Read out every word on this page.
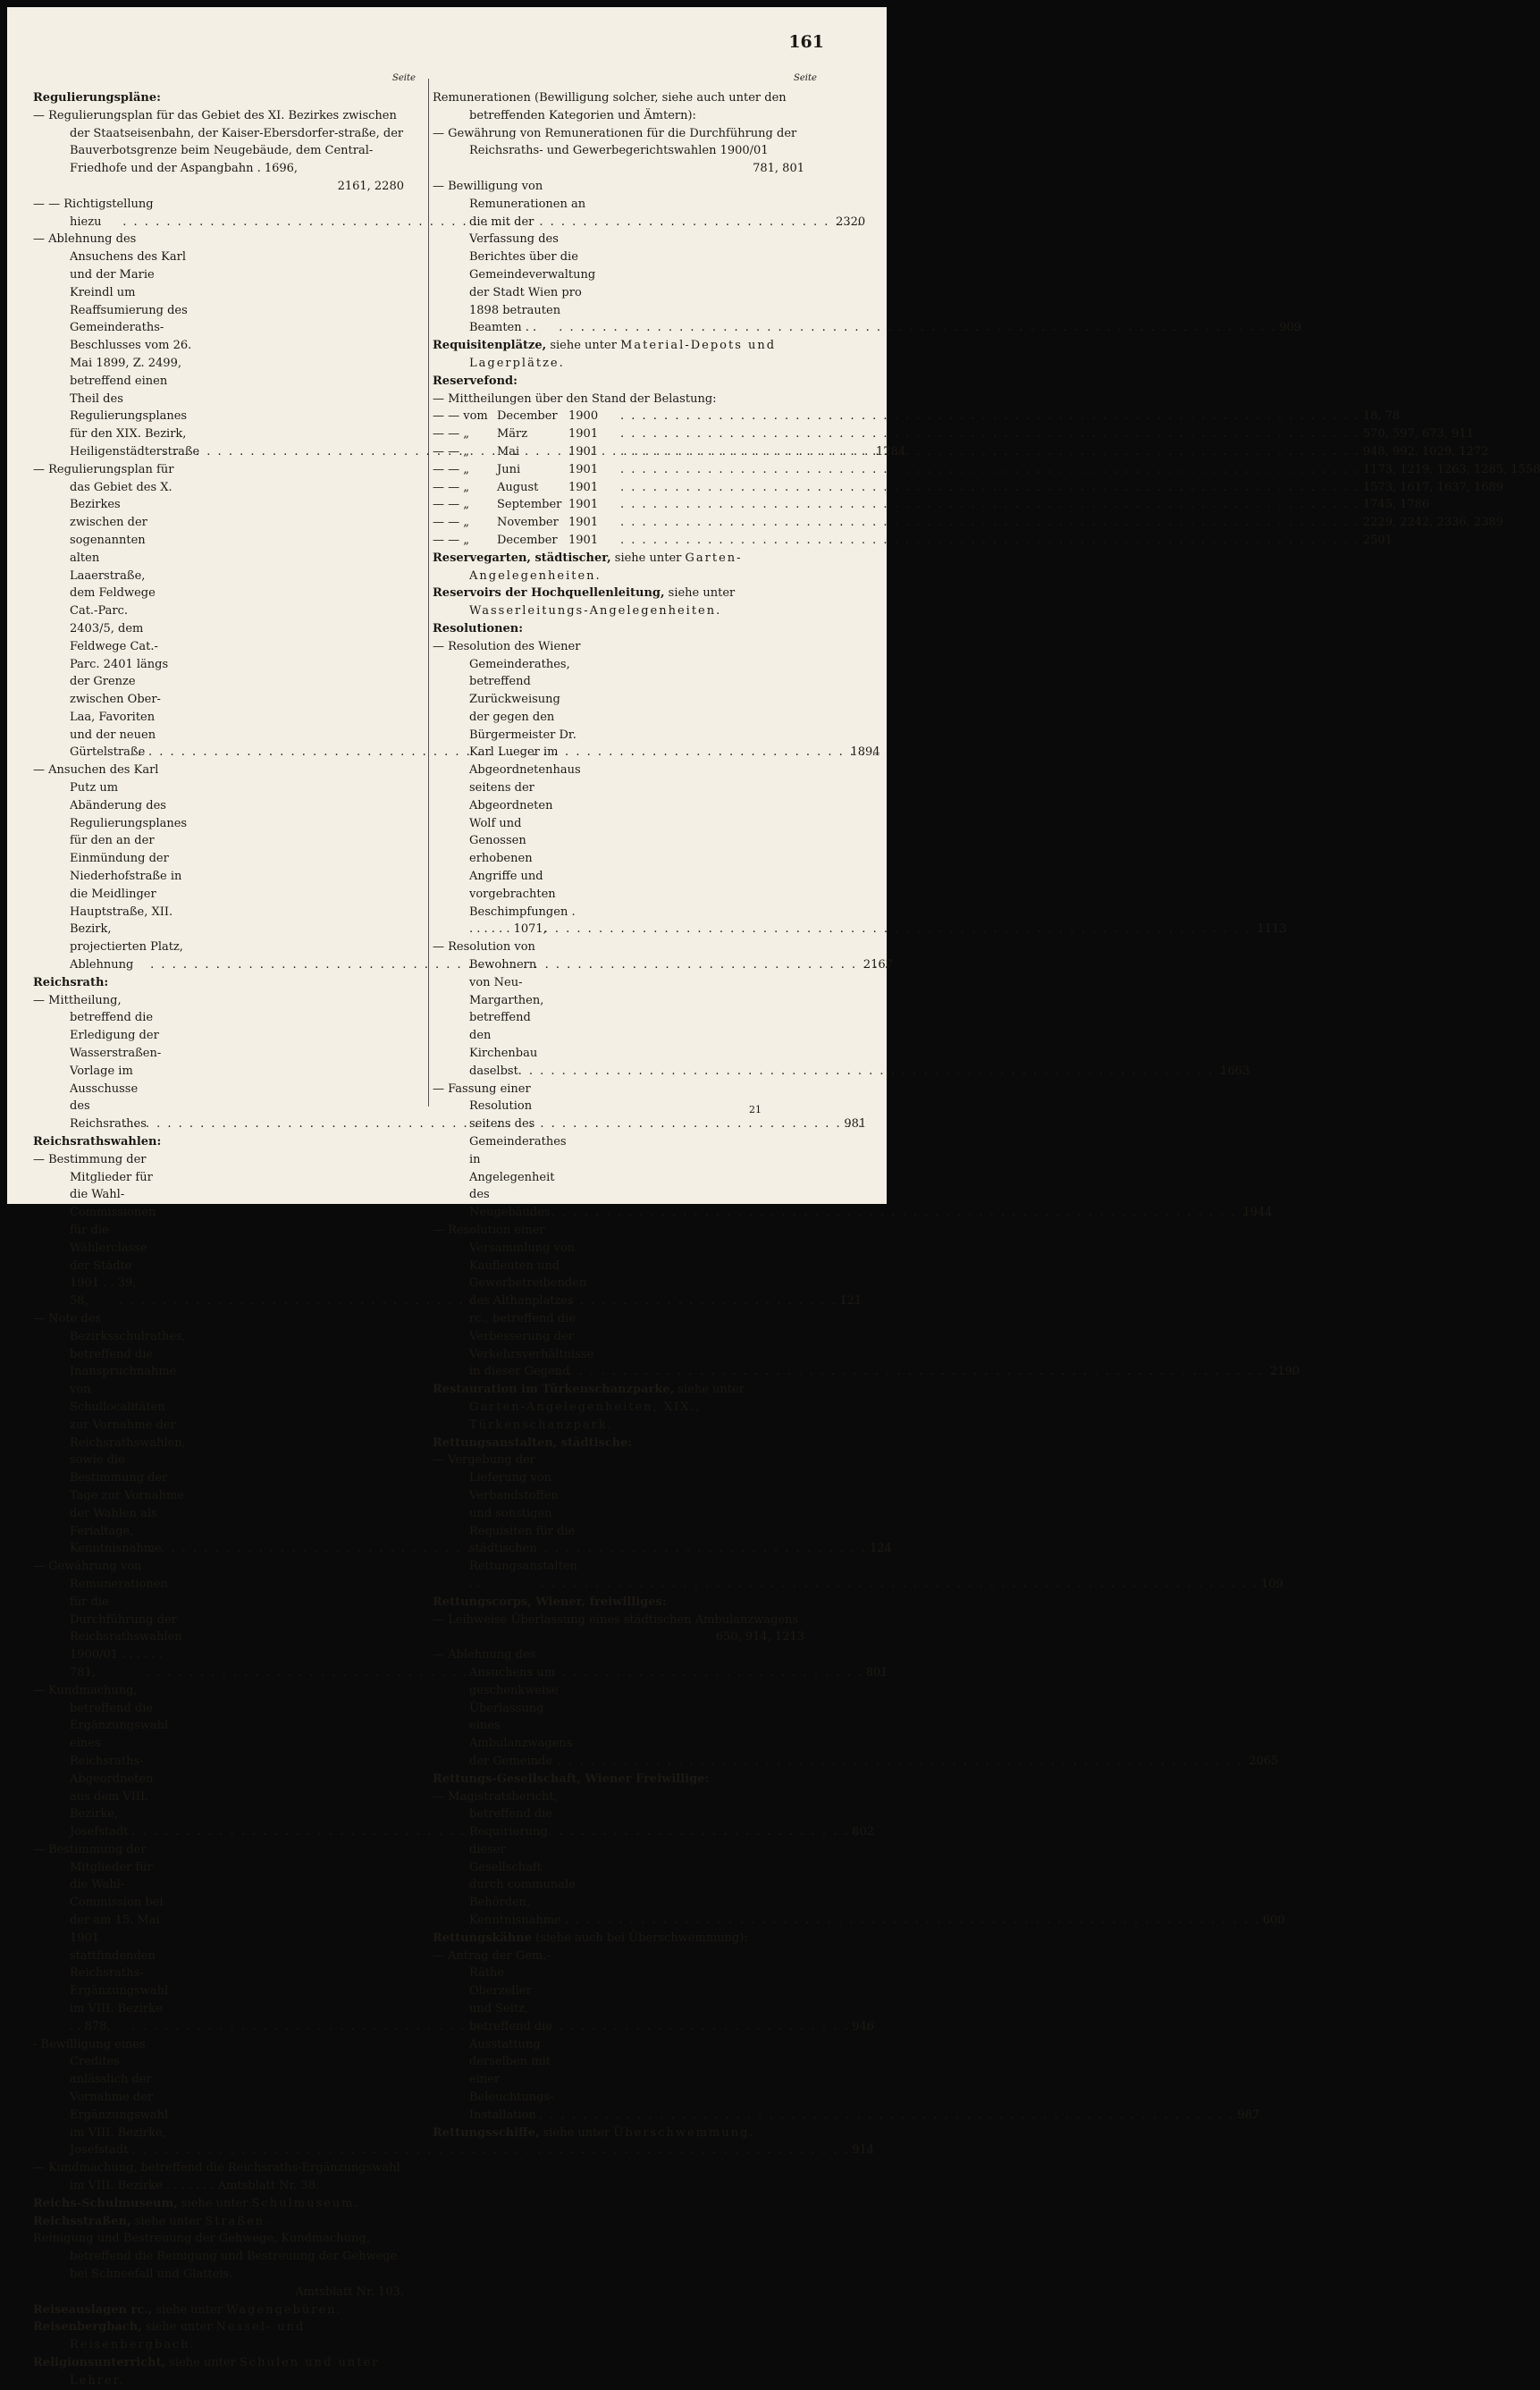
161
Seite	Seite
Regulierungspläne:
— Regulierungsplan für das Gebiet des XI. Bezirkes zwischen der Staatseisenbahn, der Kaiser-Ebersdorfer-straße, der Bauverbotsgrenze beim Neugebäude, dem Central-Friedhofe und der Aspangbahn . 1696,
2161, 2280
— — Richtigstellung hiezu . . .	2320
— Ablehnung des Ansuchens des Karl und der Marie Kreindl um Reaffsumierung des Gemeinderaths-Beschlusses vom 26. Mai 1899, Z. 2499, betreffend einen Theil des Regulierungsplanes für den XIX. Bezirk, Heiligenstädterstraße . . .	1784
— Regulierungsplan für das Gebiet des X. Bezirkes zwischen der sogenannten alten Laaerstraße, dem Feldwege Cat.-Parc. 2403/5, dem Feldwege Cat.-Parc. 2401 längs der Grenze zwischen Ober-Laa, Favoriten und der neuen Gürtelstraße . . .	1894
— Ansuchen des Karl Putz um Abänderung des Regulierungsplanes für den an der Einmündung der Niederhofstraße in die Meidlinger Hauptstraße, XII. Bezirk, projectierten Platz, Ablehnung . . .	2167
Reichsrath:
— Mittheilung, betreffend die Erledigung der Wasserstraßen-Vorlage im Ausschusse des Reichsrathes . . .	981
Reichsrathswahlen:
— Bestimmung der Mitglieder für die Wahl-Commissionen für die Wählerclasse der Städte 1901 . . 39, 58, . . .	121
— Note des Bezirksschulrathes, betreffend die Inanspruchnahme von Schullocalitäten zur Vornahme der Reichsrathswahlen, sowie die Bestimmung der Tage zur Vornahme der Wahlen als Ferialtage, Kenntnisnahme . . .	124
— Gewährung von Remunerationen für die Durchführung der Reichsrathswahlen 1900/01 . . . . . . 781, . . .	801
— Kundmachung, betreffend die Ergänzungswahl eines Reichsraths-Abgeordneten aus dem VIII. Bezirke, Josefstadt . . .	802
— Bestimmung der Mitglieder für die Wahl-Commission bei der am 15. Mai 1901 stattfindenden Reichsraths-Ergänzungswahl im VIII. Bezirke . . 878, . . .	946
- Bewilligung eines Credites anlässlich der Vornahme der Ergänzungswahl im VIII. Bezirke, Josefstadt . . .	914
— Kundmachung, betreffend die Reichsraths-Ergänzungswahl im VIII. Bezirke . . . . . . . Amtsblatt Nr. 38.
Reichs-Schulmuseum, siehe unter Schulmuseum.
Reichsstraßen, siehe unter Straßen.
Reinigung und Bestreuung der Gehwege, Kundmachung, betreffend die Reinigung und Bestreuung der Gehwege bei Schneefall und Glatteis.
Amtsblatt Nr. 103.
Reiseauslagen rc., siehe unter Wagengebüren.
Reisenbergbach, siehe unter Nessel- und Reisenbergbach.
Religionsunterricht, siehe unter Schulen und unter Lehrer.
Remunerationen (Bewilligung solcher, siehe auch unter den betreffenden Kategorien und Ämtern):
— Gewährung von Remunerationen für die Durchführung der Reichsraths- und Gewerbegerichtswahlen 1900/01
781, 801
— Bewilligung von Remunerationen an die mit der Verfassung des Berichtes über die Gemeindeverwaltung der Stadt Wien pro 1898 betrauten Beamten . . . . .	909
Requisitenplätze, siehe unter Material-Depots und Lagerplätze.
Reservefond:
— Mittheilungen über den Stand der Belastung:
— — vom December 1900 . . .	18, 78
— — „	März	1901 . . .	570, 597, 673, 911
— — „	Mai	1901 . . .	948, 992, 1029, 1272
— — „	Juni	1901 . . .	1173, 1219, 1263, 1285, 1558
— — „	August	1901 . . .	1573, 1617, 1637, 1689
— — „	September 1901 . . .	1745, 1786
— — „	November 1901 . . .	2229, 2242, 2336, 2389
— — „	December 1901 . . .	2501
Reservegarten, städtischer, siehe unter Garten-Angelegenheiten.
Reservoirs der Hochquellenleitung, siehe unter Wasserleitungs-Angelegenheiten.
Resolutionen:
— Resolution des Wiener Gemeinderathes, betreffend Zurückweisung der gegen den Bürgermeister Dr. Karl Lueger im Abgeordnetenhaus seitens der Abgeordneten Wolf und Genossen erhobenen Angriffe und vorgebrachten Beschimpfungen . . . . . . . 1071, . . .	1113
— Resolution von Bewohnern von Neu-Margarthen, betreffend den Kirchenbau daselbst . . .	1663
— Fassung einer Resolution seitens des Gemeinderathes in Angelegenheit des Neugebäudes . . .	1944
— Resolution einer Versammlung von Kaufleuten und Gewerbetreibenden des Althanplatzes rc., betreffend die Verbesserung der Verkehrsverhältnisse in dieser Gegend . . .	2190
Restauration im Türkenschanzparke, siehe unter Garten-Angelegenheiten, XIX., Türkenschanzpark.
Rettungsanstalten, städtische:
— Vergebung der Lieferung von Verbandstoffen und sonstigen Requisiten für die städtischen Rettungsanstalten . . . . .	109
Rettungscorps, Wiener, freiwilliges:
— Leihweise Überlassung eines städtischen Ambulanzwagens
650, 914, 1213
— Ablehnung des Ansuchens um geschenkweise Überlassung eines Ambulanzwagens der Gemeinde . . .	2065
Rettungs-Gesellschaft, Wiener Freiwillige:
— Magistratsbericht, betreffend die Requirierung dieser Gesellschaft durch communale Behörden, Kenntnisnahme . . . .	600
Rettungskähne (siehe auch bei Überschwemmung):
— Antrag der Gem.-Räthe Oberzeller und Seitz, betreffend die Ausstattung derselben mit einer Beleuchtungs-Installation . . .	987
Rettungsschiffe, siehe unter Überschwemmung.
21
